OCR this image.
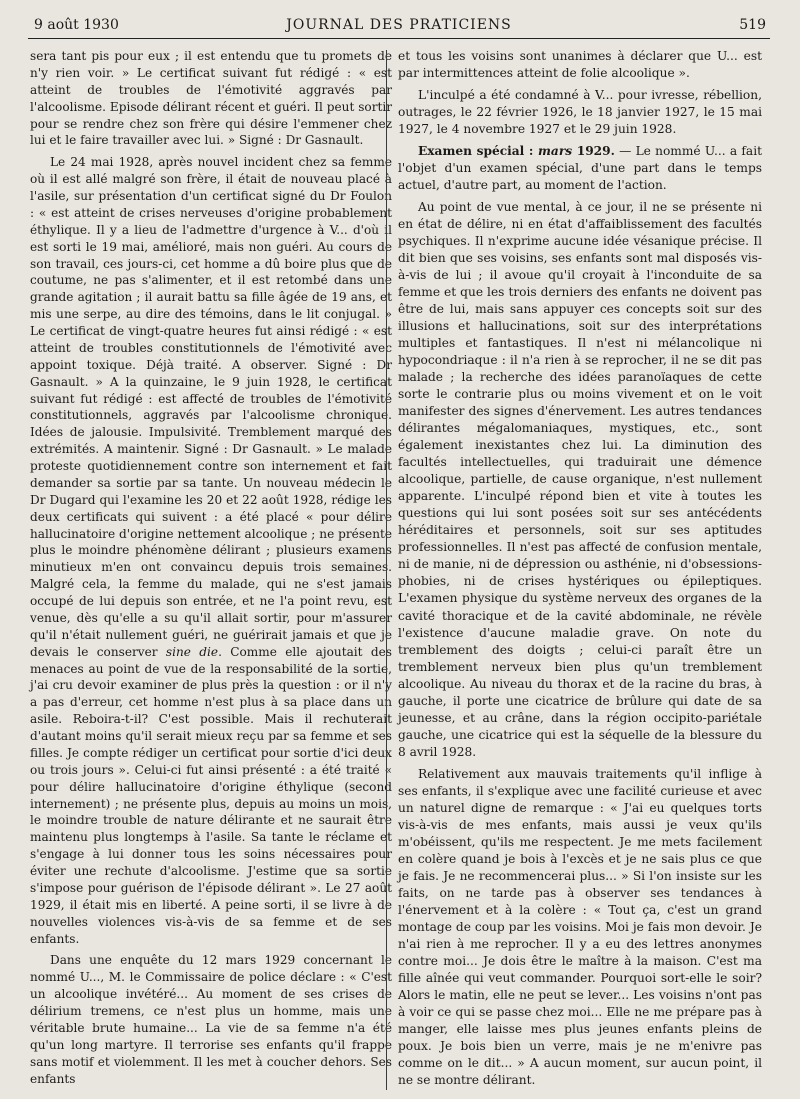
9 août 1930	JOURNAL DES PRATICIENS	519

sera tant pis pour eux ; il est entendu que tu promets de n'y rien voir. » Le certificat suivant fut rédigé : « est atteint de troubles de l'émotivité aggravés par l'alcoolisme. Episode délirant récent et guéri. Il peut sortir pour se rendre chez son frère qui désire l'emmener chez lui et le faire travailler avec lui. » Signé : Dr Gasnault.

Le 24 mai 1928, après nouvel incident chez sa femme où il est allé malgré son frère, il était de nouveau placé à l'asile, sur présentation d'un certificat signé du Dr Foulon : « est atteint de crises nerveuses d'origine probablement éthylique. Il y a lieu de l'admettre d'urgence à V... d'où il est sorti le 19 mai, amélioré, mais non guéri. Au cours de son travail, ces jours-ci, cet homme a dû boire plus que de coutume, ne pas s'alimenter, et il est retombé dans une grande agitation ; il aurait battu sa fille âgée de 19 ans, et mis une serpe, au dire des témoins, dans le lit conjugal. » Le certificat de vingt-quatre heures fut ainsi rédigé : « est atteint de troubles constitutionnels de l'émotivité avec appoint toxique. Déjà traité. A observer. Signé : Dr Gasnault. » A la quinzaine, le 9 juin 1928, le certificat suivant fut rédigé : est affecté de troubles de l'émotivité constitutionnels, aggravés par l'alcoolisme chronique. Idées de jalousie. Impulsivité. Tremblement marqué des extrémités. A maintenir. Signé : Dr Gasnault. » Le malade proteste quotidiennement contre son internement et fait demander sa sortie par sa tante. Un nouveau médecin le Dr Dugard qui l'examine les 20 et 22 août 1928, rédige les deux certificats qui suivent : a été placé « pour délire hallucinatoire d'origine nettement alcoolique ; ne présente plus le moindre phénomène délirant ; plusieurs examens minutieux m'en ont convaincu depuis trois semaines. Malgré cela, la femme du malade, qui ne s'est jamais occupé de lui depuis son entrée, et ne l'a point revu, est venue, dès qu'elle a su qu'il allait sortir, pour m'assurer qu'il n'était nullement guéri, ne guérirait jamais et que je devais le conserver sine die. Comme elle ajoutait des menaces au point de vue de la responsabilité de la sortie, j'ai cru devoir examiner de plus près la question : or il n'y a pas d'erreur, cet homme n'est plus à sa place dans un asile. Reboira-t-il? C'est possible. Mais il rechuterait d'autant moins qu'il serait mieux reçu par sa femme et ses filles. Je compte rédiger un certificat pour sortie d'ici deux ou trois jours ». Celui-ci fut ainsi présenté : a été traité « pour délire hallucinatoire d'origine éthylique (second internement) ; ne présente plus, depuis au moins un mois, le moindre trouble de nature délirante et ne saurait être maintenu plus longtemps à l'asile. Sa tante le réclame et s'engage à lui donner tous les soins nécessaires pour éviter une rechute d'alcoolisme. J'estime que sa sortie s'impose pour guérison de l'épisode délirant ». Le 27 août 1929, il était mis en liberté. A peine sorti, il se livre à de nouvelles violences vis-à-vis de sa femme et de ses enfants.

Dans une enquête du 12 mars 1929 concernant le nommé U..., M. le Commissaire de police déclare : « C'est un alcoolique invétéré... Au moment de ses crises de délirium tremens, ce n'est plus un homme, mais une véritable brute humaine... La vie de sa femme n'a été qu'un long martyre. Il terrorise ses enfants qu'il frappe sans motif et violemment. Il les met à coucher dehors. Ses enfants

et tous les voisins sont unanimes à déclarer que U... est par intermittences atteint de folie alcoolique ».

L'inculpé a été condamné à V... pour ivresse, rébellion, outrages, le 22 février 1926, le 18 janvier 1927, le 15 mai 1927, le 4 novembre 1927 et le 29 juin 1928.

Examen spécial : mars 1929. — Le nommé U... a fait l'objet d'un examen spécial, d'une part dans le temps actuel, d'autre part, au moment de l'action.

Au point de vue mental, à ce jour, il ne se présente ni en état de délire, ni en état d'affaiblissement des facultés psychiques. Il n'exprime aucune idée vésanique précise. Il dit bien que ses voisins, ses enfants sont mal disposés vis-à-vis de lui ; il avoue qu'il croyait à l'inconduite de sa femme et que les trois derniers des enfants ne doivent pas être de lui, mais sans appuyer ces concepts soit sur des illusions et hallucinations, soit sur des interprétations multiples et fantastiques. Il n'est ni mélancolique ni hypocondriaque : il n'a rien à se reprocher, il ne se dit pas malade ; la recherche des idées paranoïaques de cette sorte le contrarie plus ou moins vivement et on le voit manifester des signes d'énervement. Les autres tendances délirantes mégalomaniaques, mystiques, etc., sont également inexistantes chez lui. La diminution des facultés intellectuelles, qui traduirait une démence alcoolique, partielle, de cause organique, n'est nullement apparente. L'inculpé répond bien et vite à toutes les questions qui lui sont posées soit sur ses antécédents héréditaires et personnels, soit sur ses aptitudes professionnelles. Il n'est pas affecté de confusion mentale, ni de manie, ni de dépression ou asthénie, ni d'obsessions-phobies, ni de crises hystériques ou épileptiques. L'examen physique du système nerveux des organes de la cavité thoracique et de la cavité abdominale, ne révèle l'existence d'aucune maladie grave. On note du tremblement des doigts ; celui-ci paraît être un tremblement nerveux bien plus qu'un tremblement alcoolique. Au niveau du thorax et de la racine du bras, à gauche, il porte une cicatrice de brûlure qui date de sa jeunesse, et au crâne, dans la région occipito-pariétale gauche, une cicatrice qui est la séquelle de la blessure du 8 avril 1928.

Relativement aux mauvais traitements qu'il inflige à ses enfants, il s'explique avec une facilité curieuse et avec un naturel digne de remarque : « J'ai eu quelques torts vis-à-vis de mes enfants, mais aussi je veux qu'ils m'obéissent, qu'ils me respectent. Je me mets facilement en colère quand je bois à l'excès et je ne sais plus ce que je fais. Je ne recommencerai plus... » Si l'on insiste sur les faits, on ne tarde pas à observer ses tendances à l'énervement et à la colère : « Tout ça, c'est un grand montage de coup par les voisins. Moi je fais mon devoir. Je n'ai rien à me reprocher. Il y a eu des lettres anonymes contre moi... Je dois être le maître à la maison. C'est ma fille aînée qui veut commander. Pourquoi sort-elle le soir? Alors le matin, elle ne peut se lever... Les voisins n'ont pas à voir ce qui se passe chez moi... Elle ne me prépare pas à manger, elle laisse mes plus jeunes enfants pleins de poux. Je bois bien un verre, mais je ne m'enivre pas comme on le dit... » A aucun moment, sur aucun point, il ne se montre délirant.
